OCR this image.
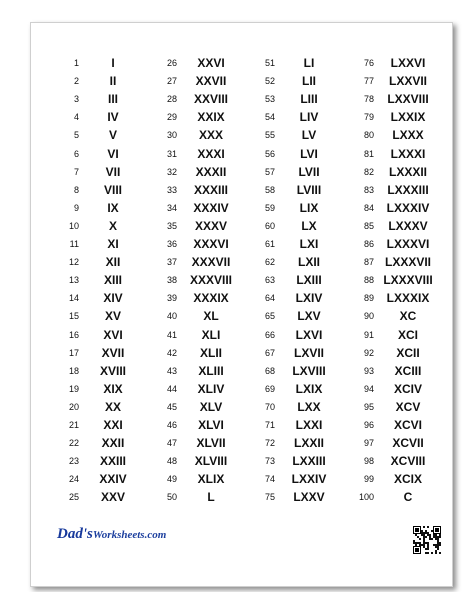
1	I
2	II
3	III
4	IV
5	V
6	VI
7	VII
8	VIII
9	IX
10	X
11	XI
12	XII
13	XIII
14	XIV
15	XV
16	XVI
17	XVII
18	XVIII
19	XIX
20	XX
21	XXI
22	XXII
23	XXIII
24	XXIV
25	XXV
26	XXVI
27	XXVII
28	XXVIII
29	XXIX
30	XXX
31	XXXI
32	XXXII
33	XXXIII
34	XXXIV
35	XXXV
36	XXXVI
37	XXXVII
38	XXXVIII
39	XXXIX
40	XL
41	XLI
42	XLII
43	XLIII
44	XLIV
45	XLV
46	XLVI
47	XLVII
48	XLVIII
49	XLIX
50	L
51	LI
52	LII
53	LIII
54	LIV
55	LV
56	LVI
57	LVII
58	LVIII
59	LIX
60	LX
61	LXI
62	LXII
63	LXIII
64	LXIV
65	LXV
66	LXVI
67	LXVII
68	LXVIII
69	LXIX
70	LXX
71	LXXI
72	LXXII
73	LXXIII
74	LXXIV
75	LXXV
76	LXXVI
77	LXXVII
78	LXXVIII
79	LXXIX
80	LXXX
81	LXXXI
82	LXXXII
83	LXXXIII
84	LXXXIV
85	LXXXV
86	LXXXVI
87 LXXXVII
88 LXXXVIII
89	LXXXIX
90	XC
91	XCI
92	XCII
93	XCIII
94	XCIV
95	XCV
96	XCVI
97	XCVII
98	XCVIII
99	XCIX
100	C
Dad'sWorksheets.com
